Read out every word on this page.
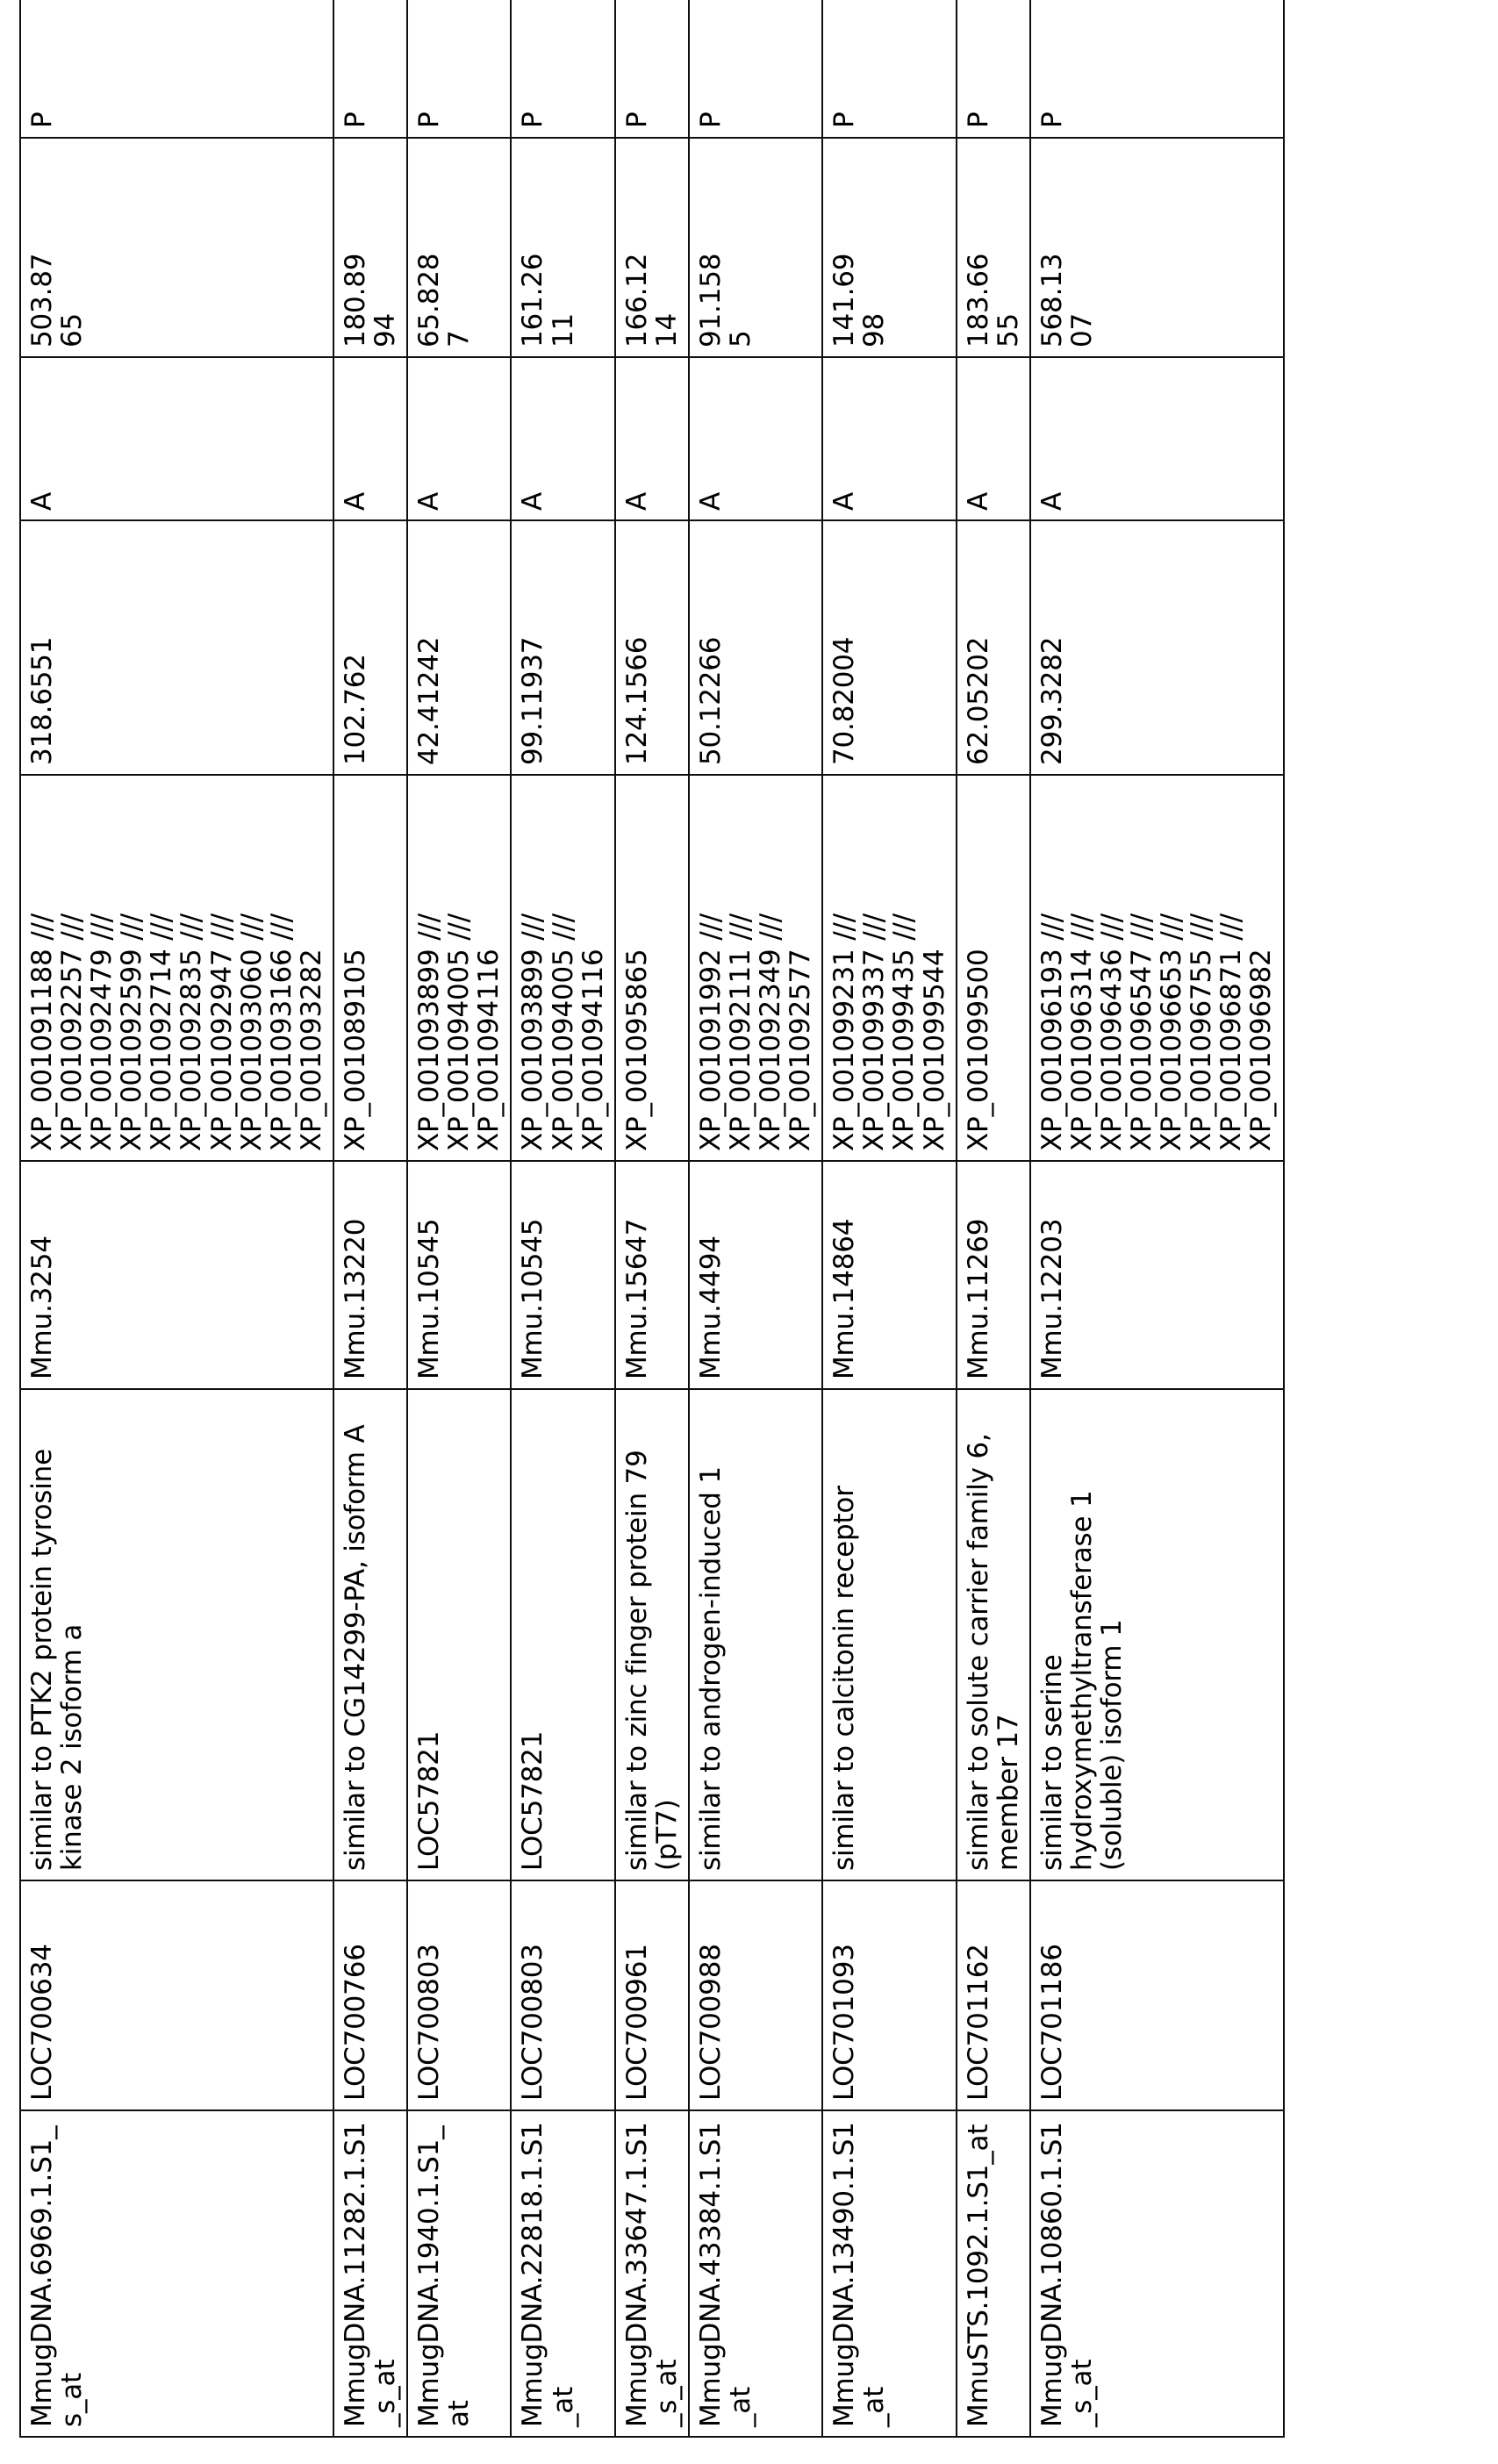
MmugDNA.6969.1.S1_s_at	LOC700634	similar to PTK2 protein tyrosine kinase 2 isoform a	Mmu.3254	XP_001091188 ///
XP_001092257 ///
XP_001092479 ///
XP_001092599 ///
XP_001092714 ///
XP_001092835 ///
XP_001092947 ///
XP_001093060 ///
XP_001093166 ///
XP_001093282	318.6551	A	503.87
65	P
MmugDNA.11282.1.S1_s_at	LOC700766	similar to CG14299-PA, isoform A	Mmu.13220	XP_001089105	102.762	A	180.89
94	P
MmugDNA.1940.1.S1_at	LOC700803	LOC57821	Mmu.10545	XP_001093899 ///
XP_001094005 ///
XP_001094116	42.41242	A	65.828
7	P
MmugDNA.22818.1.S1_at	LOC700803	LOC57821	Mmu.10545	XP_001093899 ///
XP_001094005 ///
XP_001094116	99.11937	A	161.26
11	P
MmugDNA.33647.1.S1_s_at	LOC700961	similar to zinc finger protein 79 (pT7)	Mmu.15647	XP_001095865	124.1566	A	166.12
14	P
MmugDNA.43384.1.S1_at	LOC700988	similar to androgen-induced 1	Mmu.4494	XP_001091992 ///
XP_001092111 ///
XP_001092349 ///
XP_001092577	50.12266	A	91.158
5	P
MmugDNA.13490.1.S1_at	LOC701093	similar to calcitonin receptor	Mmu.14864	XP_001099231 ///
XP_001099337 ///
XP_001099435 ///
XP_001099544	70.82004	A	141.69
98	P
MmuSTS.1092.1.S1_at	LOC701162	similar to solute carrier family 6, member 17	Mmu.11269	XP_001099500	62.05202	A	183.66
55	P
MmugDNA.10860.1.S1_s_at	LOC701186	similar to serine hydroxymethyltransferase 1 (soluble) isoform 1	Mmu.12203	XP_001096193 ///
XP_001096314 ///
XP_001096436 ///
XP_001096547 ///
XP_001096653 ///
XP_001096755 ///
XP_001096871 ///
XP_001096982	299.3282	A	568.13
07	P
